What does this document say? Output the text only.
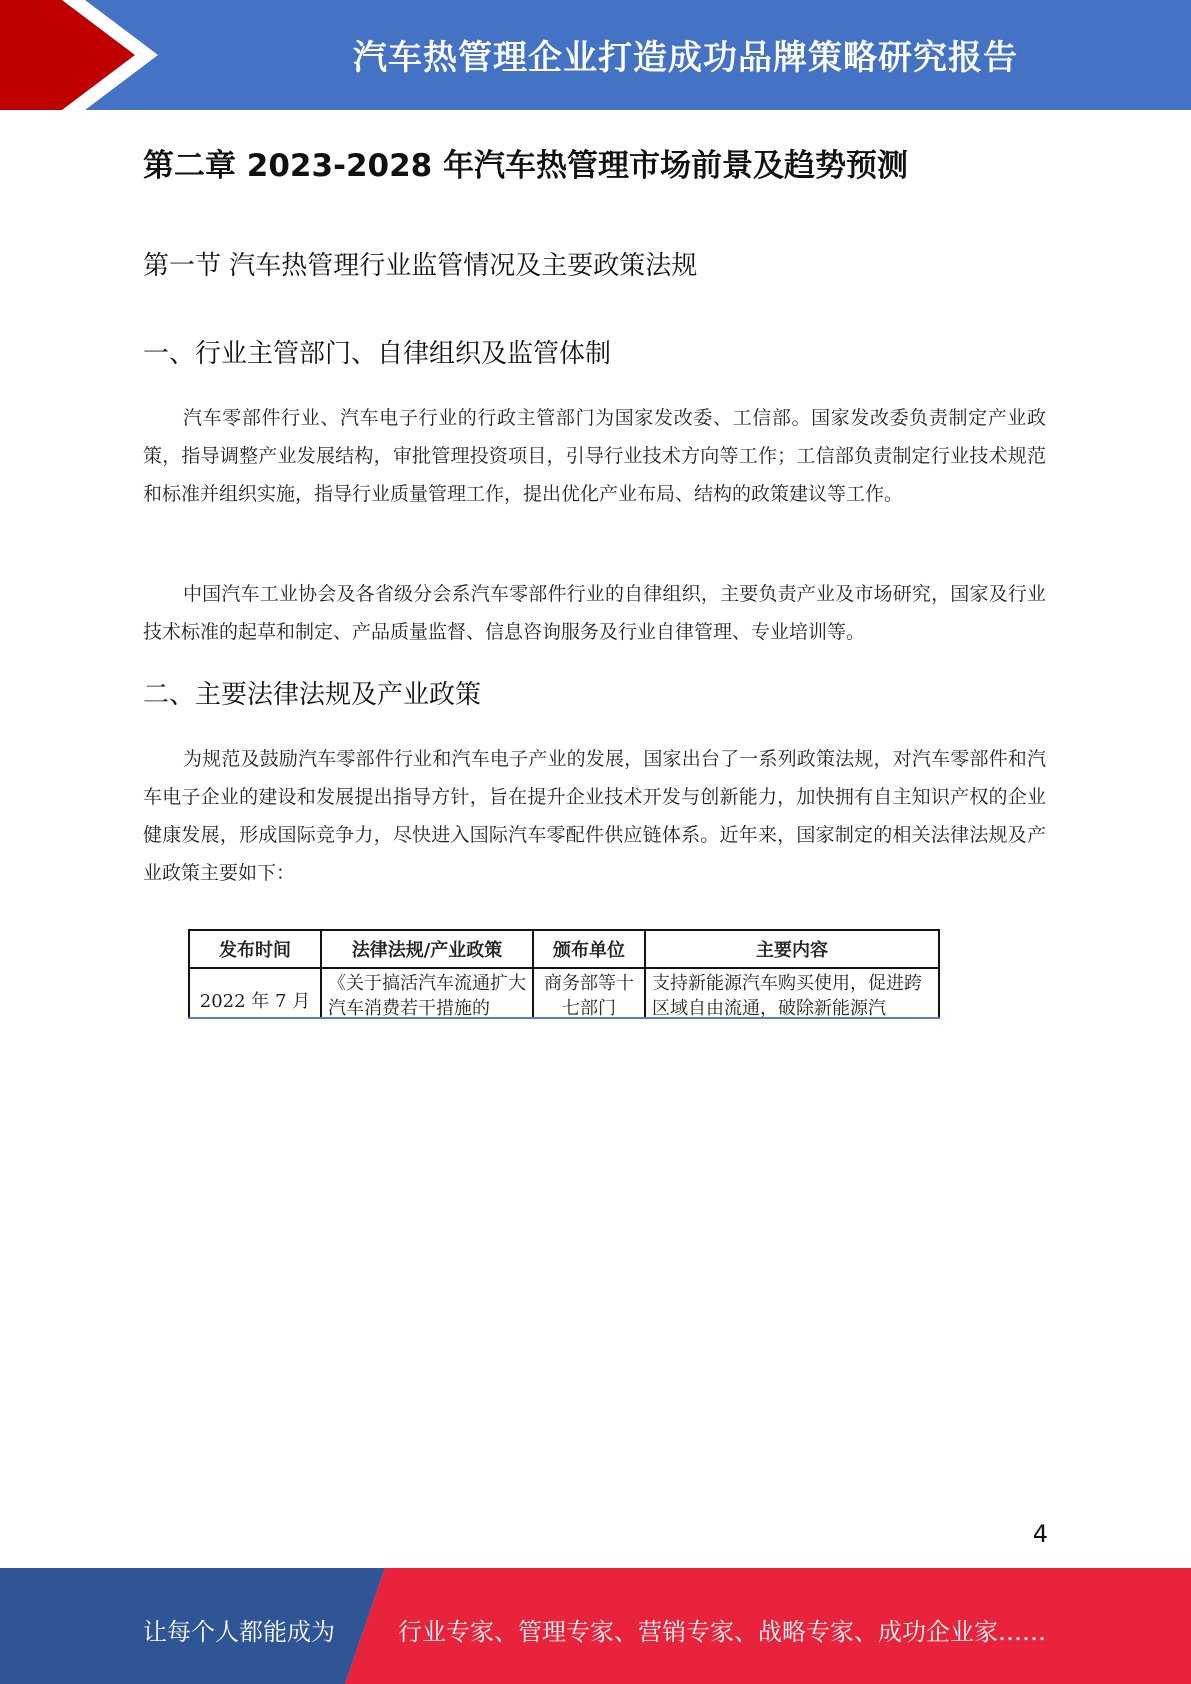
汽车热管理企业打造成功品牌策略研究报告
第二章 2023-2028 年汽车热管理市场前景及趋势预测
第一节 汽车热管理行业监管情况及主要政策法规
一、行业主管部门、自律组织及监管体制

汽车零部件行业、汽车电子行业的行政主管部门为国家发改委、工信部。国家发改委负责制定产业政策，指导调整产业发展结构，审批管理投资项目，引导行业技术方向等工作；工信部负责制定行业技术规范和标准并组织实施，指导行业质量管理工作，提出优化产业布局、结构的政策建议等工作。

中国汽车工业协会及各省级分会系汽车零部件行业的自律组织，主要负责产业及市场研究，国家及行业技术标准的起草和制定、产品质量监督、信息咨询服务及行业自律管理、专业培训等。

二、主要法律法规及产业政策

为规范及鼓励汽车零部件行业和汽车电子产业的发展，国家出台了一系列政策法规，对汽车零部件和汽车电子企业的建设和发展提出指导方针，旨在提升企业技术开发与创新能力，加快拥有自主知识产权的企业健康发展，形成国际竞争力，尽快进入国际汽车零配件供应链体系。近年来，国家制定的相关法律法规及产业政策主要如下：

发布时间	法律法规/产业政策	颁布单位	主要内容
2022 年 7 月	《关于搞活汽车流通扩大汽车消费若干措施的	商务部等十七部门	支持新能源汽车购买使用，促进跨区域自由流通，破除新能源汽
4
让每个人都能成为	行业专家、管理专家、营销专家、战略专家、成功企业家……
